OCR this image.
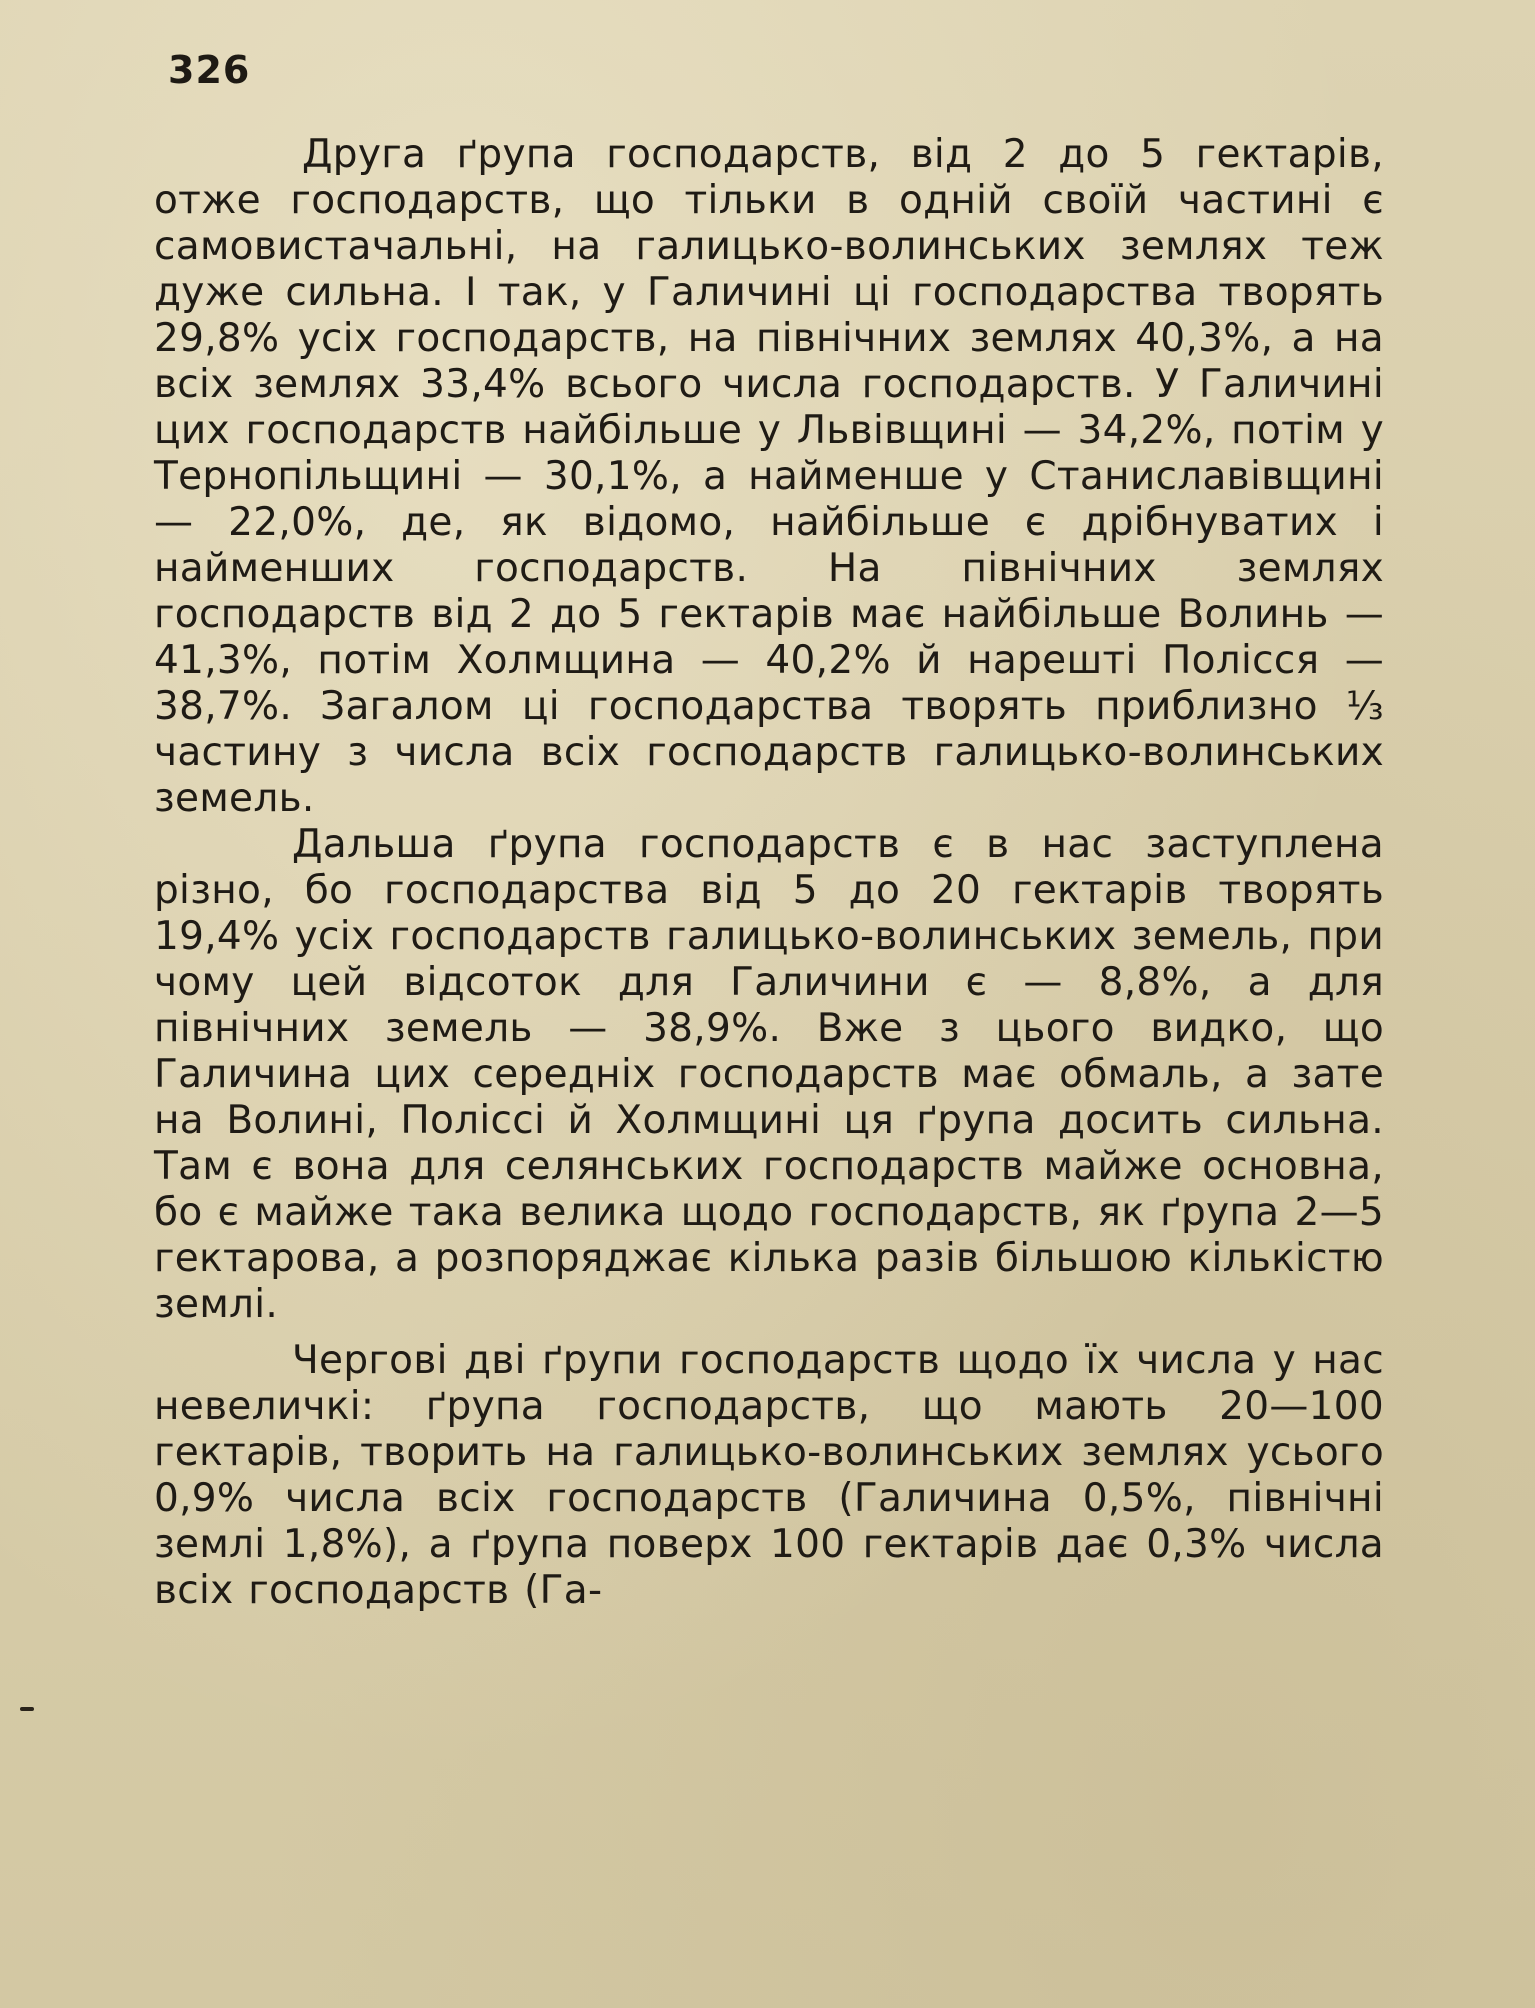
326

Друга ґрупа господарств, від 2 до 5 гектарів, отже господарств, що тільки в одній своїй частині є самовистачальні, на галицько-волинських землях теж дуже сильна. І так, у Галичині ці господарства творять 29,8% усіх господарств, на північних землях 40,3%, а на всіх землях 33,4% всього числа господарств. У Галичині цих господарств найбільше у Львівщині — 34,2%, потім у Тернопільщині — 30,1%, а найменше у Станиславівщині — 22,0%, де, як відомо, найбільше є дрібнуватих і найменших господарств. На північних землях господарств від 2 до 5 гектарів має найбільше Волинь — 41,3%, потім Холмщина — 40,2% й нарешті Полісся — 38,7%. Загалом ці господарства творять приблизно ⅓ частину з числа всіх господарств галицько-волинських земель.

Дальша ґрупа господарств є в нас заступлена різно, бо господарства від 5 до 20 гектарів творять 19,4% усіх господарств галицько-волинських земель, при чому цей відсоток для Галичини є — 8,8%, а для північних земель — 38,9%. Вже з цього видко, що Галичина цих середніх господарств має обмаль, а зате на Волині, Поліссі й Холмщині ця ґрупа досить сильна. Там є вона для селянських господарств майже основна, бо є майже така велика щодо господарств, як ґрупа 2—5 гектарова, а розпоряджає кілька разів більшою кількістю землі.

Чергові дві ґрупи господарств щодо їх числа у нас невеличкі: ґрупа господарств, що мають 20—100 гектарів, творить на галицько-волинських землях усього 0,9% числа всіх господарств (Галичина 0,5%, північні землі 1,8%), а ґрупа поверх 100 гектарів дає 0,3% числа всіх господарств (Га-
